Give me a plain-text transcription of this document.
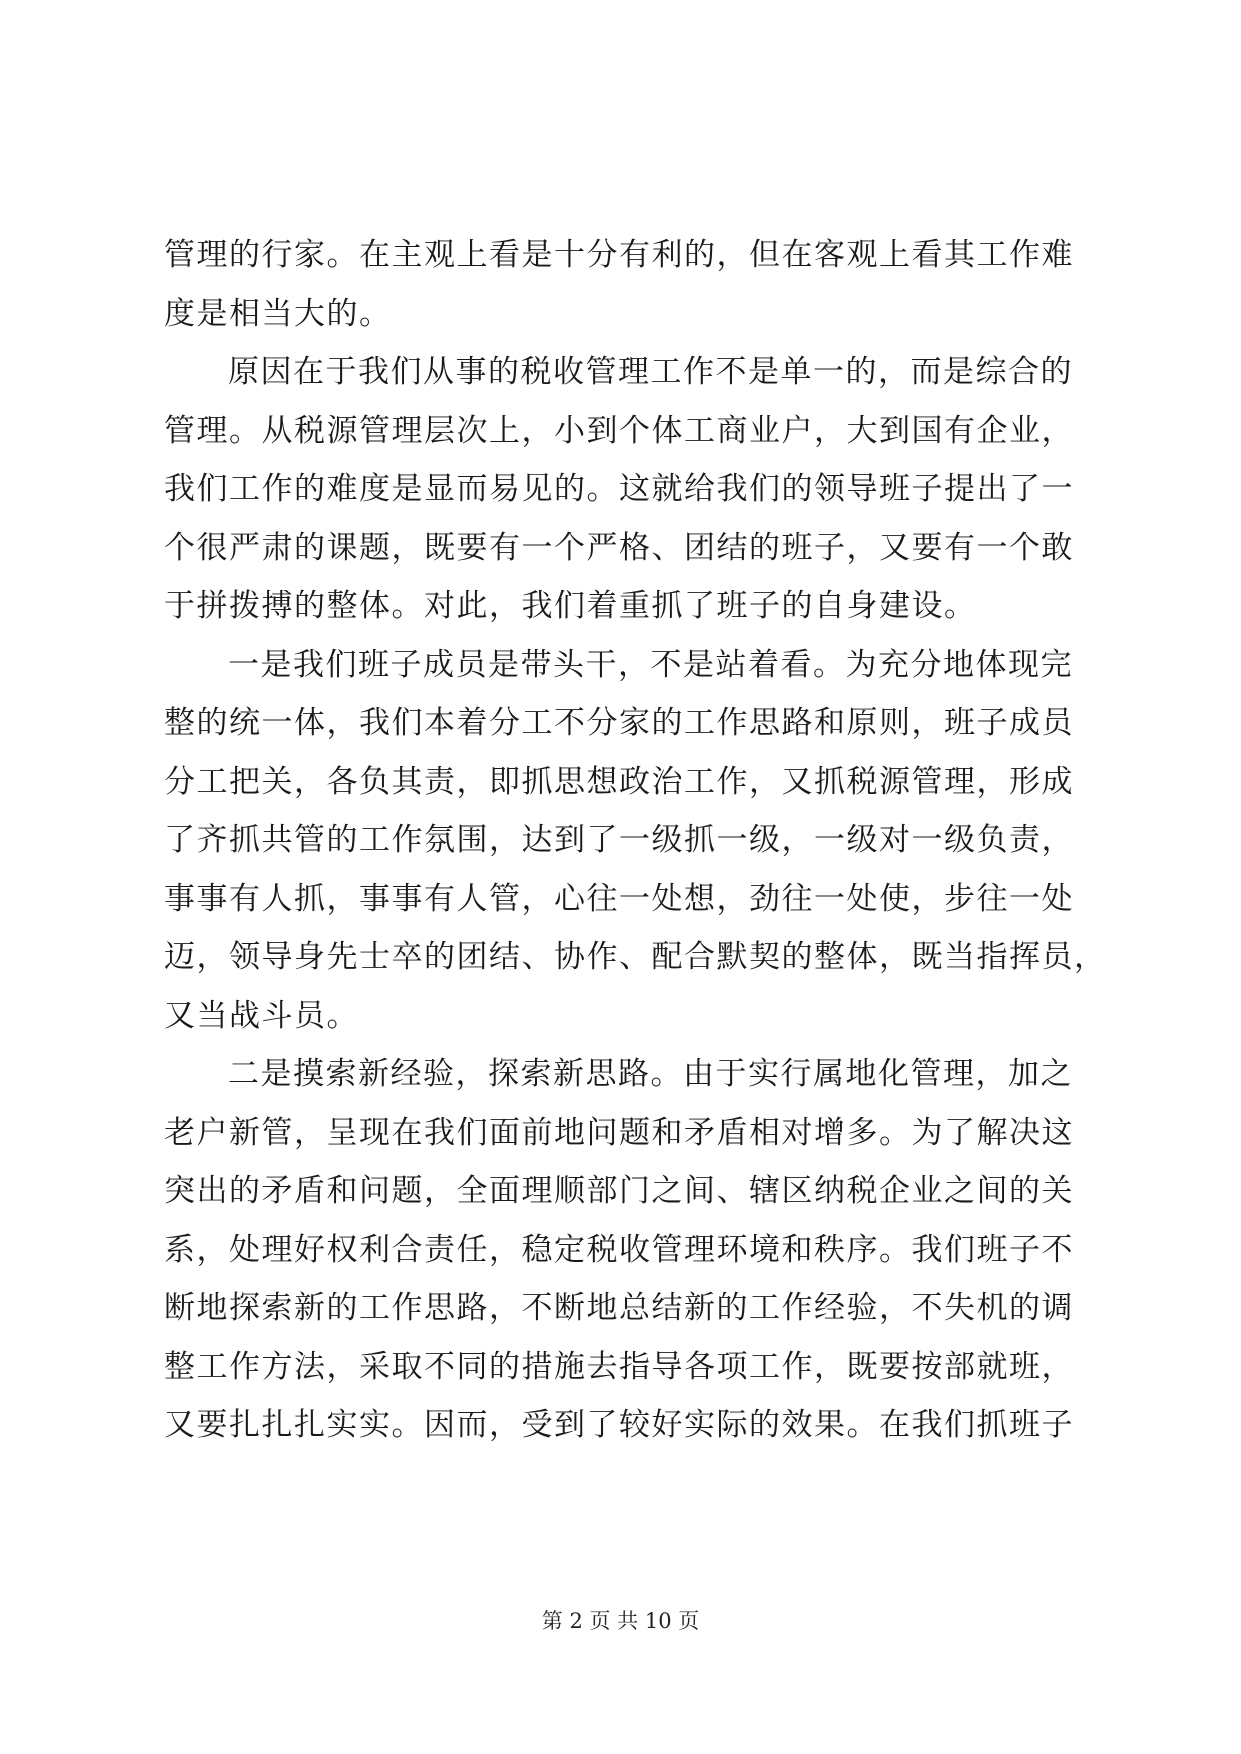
管理的行家。在主观上看是十分有利的，但在客观上看其工作难
度是相当大的。
原因在于我们从事的税收管理工作不是单一的，而是综合的
管理。从税源管理层次上，小到个体工商业户，大到国有企业，
我们工作的难度是显而易见的。这就给我们的领导班子提出了一
个很严肃的课题，既要有一个严格、团结的班子，又要有一个敢
于拼拨搏的整体。对此，我们着重抓了班子的自身建设。
一是我们班子成员是带头干，不是站着看。为充分地体现完
整的统一体，我们本着分工不分家的工作思路和原则，班子成员
分工把关，各负其责，即抓思想政治工作，又抓税源管理，形成
了齐抓共管的工作氛围，达到了一级抓一级，一级对一级负责，
事事有人抓，事事有人管，心往一处想，劲往一处使，步往一处
迈，领导身先士卒的团结、协作、配合默契的整体，既当指挥员，
又当战斗员。
二是摸索新经验，探索新思路。由于实行属地化管理，加之
老户新管，呈现在我们面前地问题和矛盾相对增多。为了解决这
突出的矛盾和问题，全面理顺部门之间、辖区纳税企业之间的关
系，处理好权利合责任，稳定税收管理环境和秩序。我们班子不
断地探索新的工作思路，不断地总结新的工作经验，不失机的调
整工作方法，采取不同的措施去指导各项工作，既要按部就班，
又要扎扎扎实实。因而，受到了较好实际的效果。在我们抓班子
第 2 页 共 10 页
